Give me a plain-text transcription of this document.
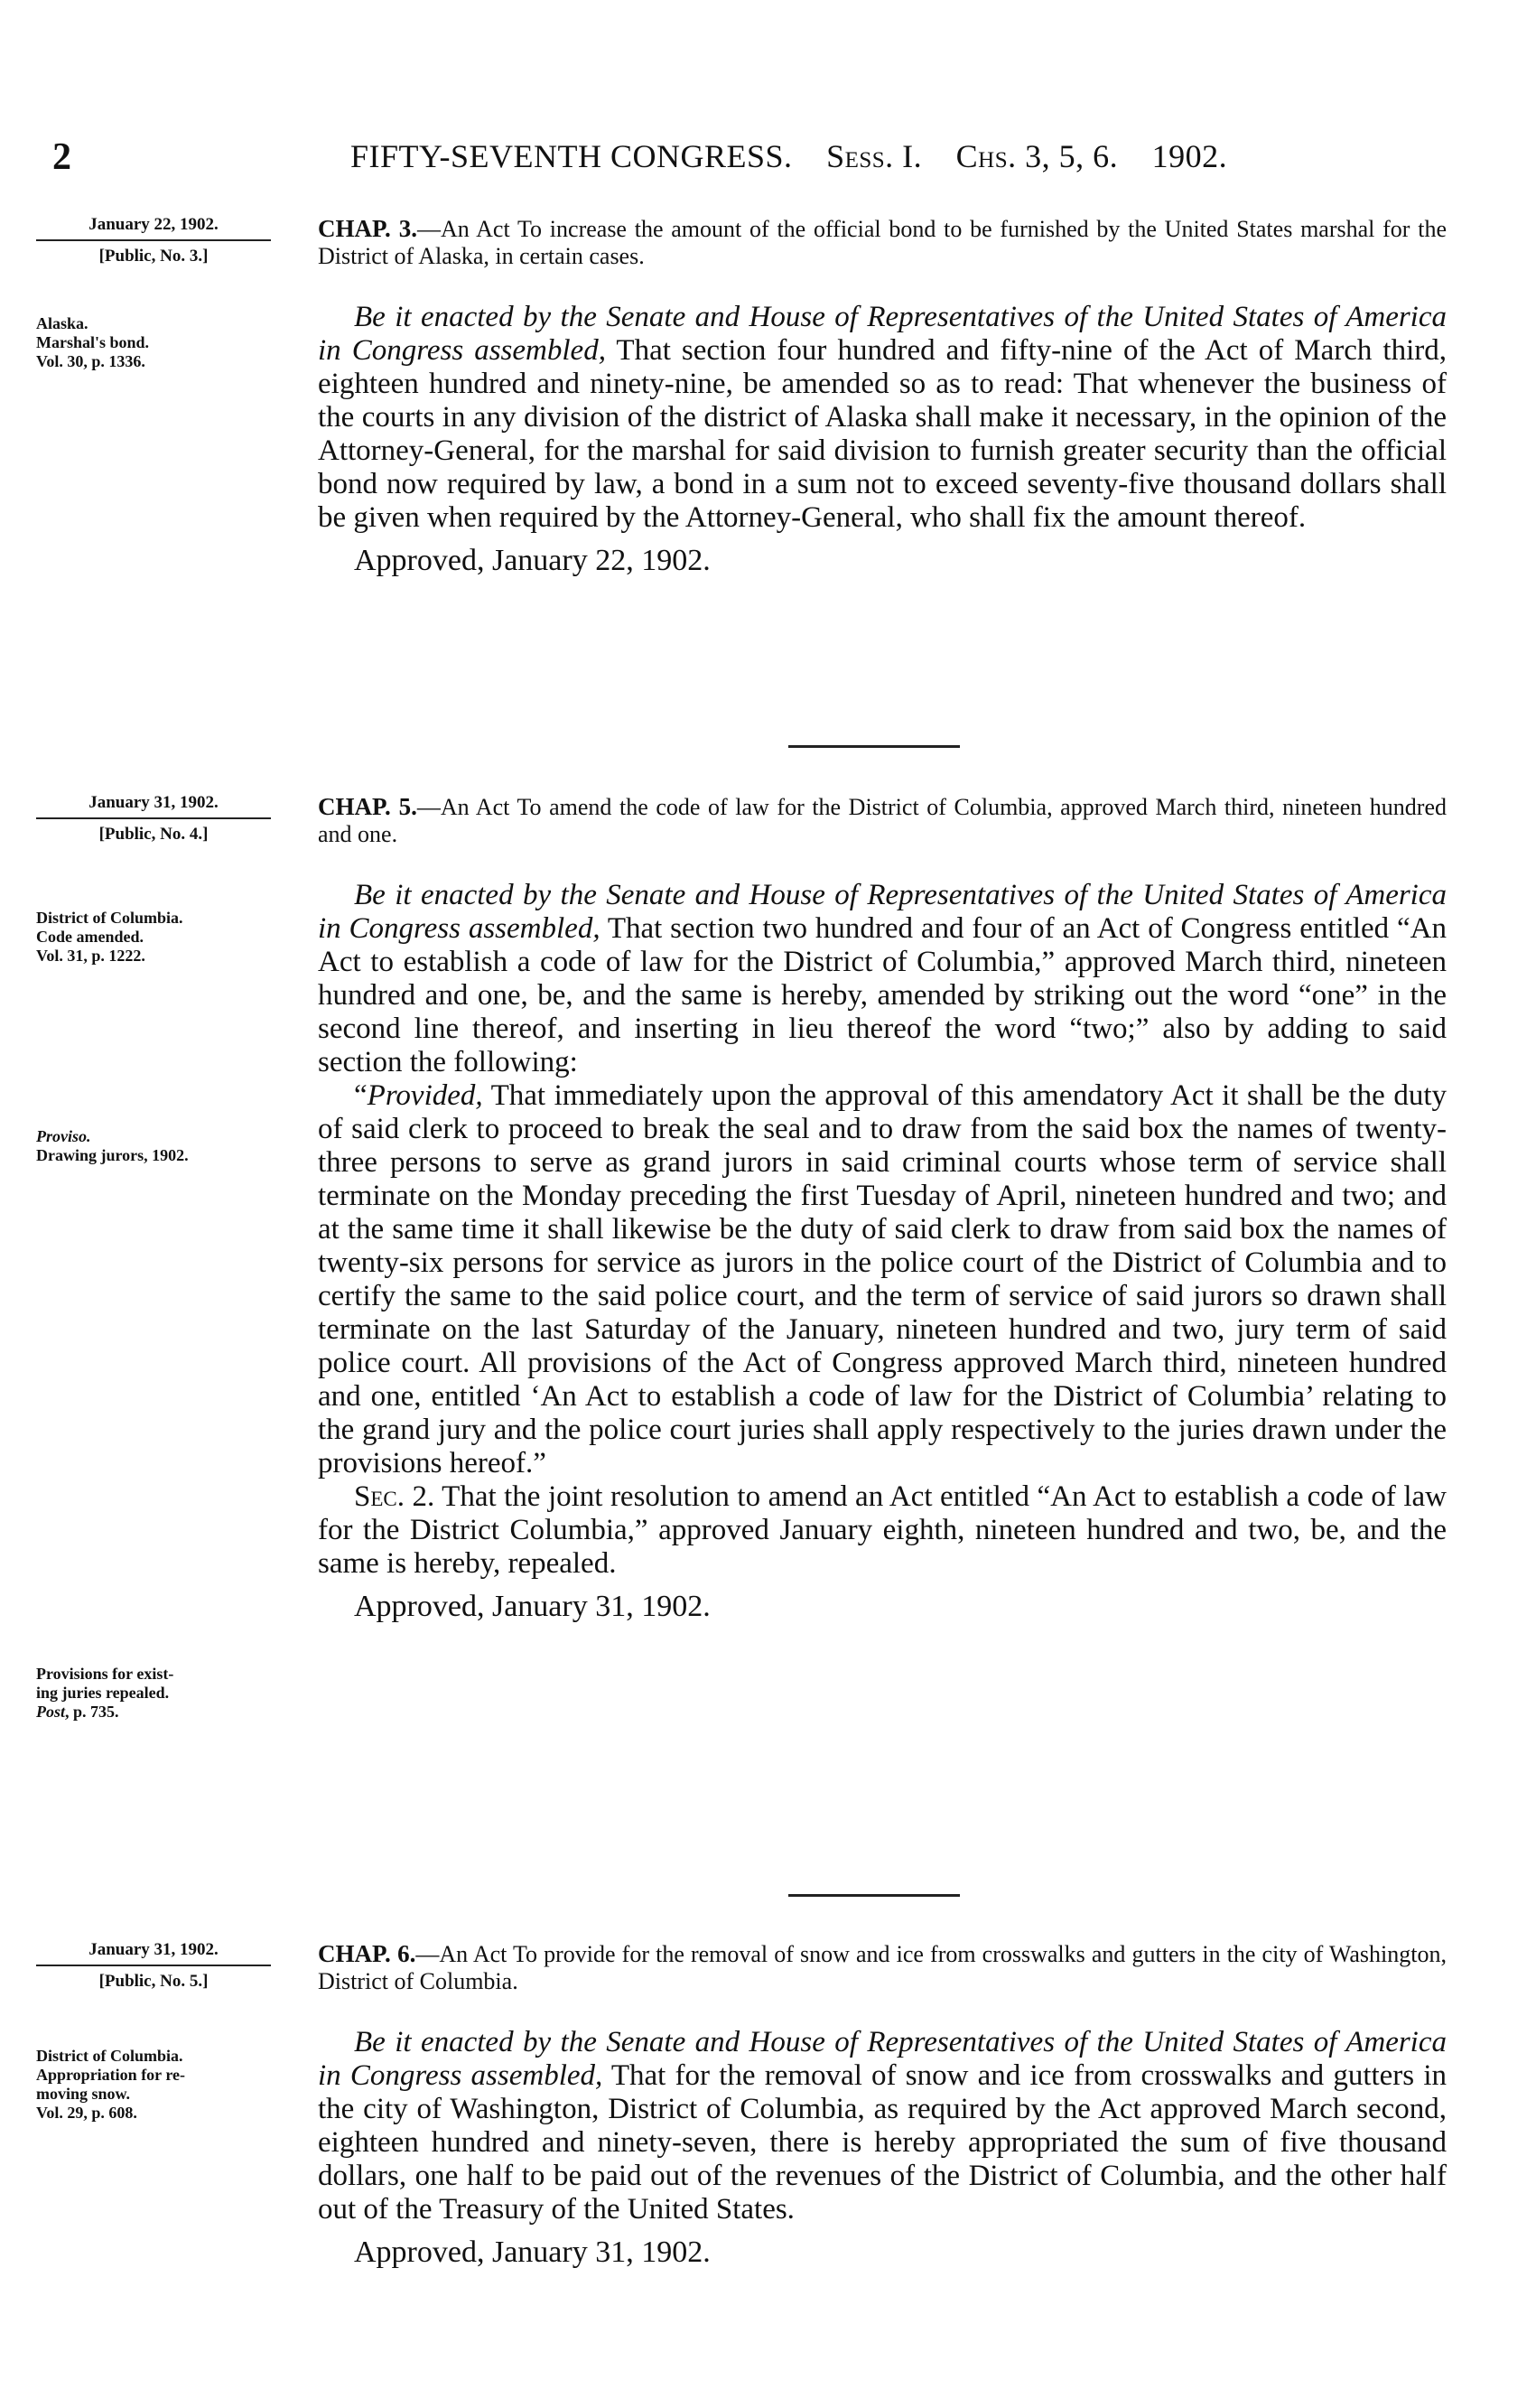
2	FIFTY-SEVENTH CONGRESS. Sess. I. Chs. 3, 5, 6. 1902.
January 22, 1902.
[Public, No. 3.]
Alaska.
Marshal's bond.
Vol. 30, p. 1336.
CHAP. 3.—An Act To increase the amount of the official bond to be furnished by the United States marshal for the District of Alaska, in certain cases.
Be it enacted by the Senate and House of Representatives of the United States of America in Congress assembled, That section four hundred and fifty-nine of the Act of March third, eighteen hundred and ninety-nine, be amended so as to read: That whenever the business of the courts in any division of the district of Alaska shall make it necessary, in the opinion of the Attorney-General, for the marshal for said division to furnish greater security than the official bond now required by law, a bond in a sum not to exceed seventy-five thousand dollars shall be given when required by the Attorney-General, who shall fix the amount thereof.
Approved, January 22, 1902.
January 31, 1902.
[Public, No. 4.]
District of Columbia.
Code amended.
Vol. 31, p. 1222.
Proviso.
Drawing jurors, 1902.
Provisions for exist-
ing juries repealed.
Post, p. 735.
CHAP. 5.—An Act To amend the code of law for the District of Columbia, approved March third, nineteen hundred and one.
Be it enacted by the Senate and House of Representatives of the United States of America in Congress assembled, That section two hundred and four of an Act of Congress entitled “An Act to establish a code of law for the District of Columbia,” approved March third, nineteen hundred and one, be, and the same is hereby, amended by striking out the word “one” in the second line thereof, and inserting in lieu thereof the word “two;” also by adding to said section the following:
“Provided, That immediately upon the approval of this amendatory Act it shall be the duty of said clerk to proceed to break the seal and to draw from the said box the names of twenty-three persons to serve as grand jurors in said criminal courts whose term of service shall terminate on the Monday preceding the first Tuesday of April, nineteen hundred and two; and at the same time it shall likewise be the duty of said clerk to draw from said box the names of twenty-six persons for service as jurors in the police court of the District of Columbia and to certify the same to the said police court, and the term of service of said jurors so drawn shall terminate on the last Saturday of the January, nineteen hundred and two, jury term of said police court. All provisions of the Act of Congress approved March third, nineteen hundred and one, entitled ‘An Act to establish a code of law for the District of Columbia’ relating to the grand jury and the police court juries shall apply respectively to the juries drawn under the provisions hereof.”
Sec. 2. That the joint resolution to amend an Act entitled “An Act to establish a code of law for the District Columbia,” approved January eighth, nineteen hundred and two, be, and the same is hereby, repealed.
Approved, January 31, 1902.
January 31, 1902.
[Public, No. 5.]
District of Columbia.
Appropriation for re-
moving snow.
Vol. 29, p. 608.
CHAP. 6.—An Act To provide for the removal of snow and ice from crosswalks and gutters in the city of Washington, District of Columbia.
Be it enacted by the Senate and House of Representatives of the United States of America in Congress assembled, That for the removal of snow and ice from crosswalks and gutters in the city of Washington, District of Columbia, as required by the Act approved March second, eighteen hundred and ninety-seven, there is hereby appropriated the sum of five thousand dollars, one half to be paid out of the revenues of the District of Columbia, and the other half out of the Treasury of the United States.
Approved, January 31, 1902.
